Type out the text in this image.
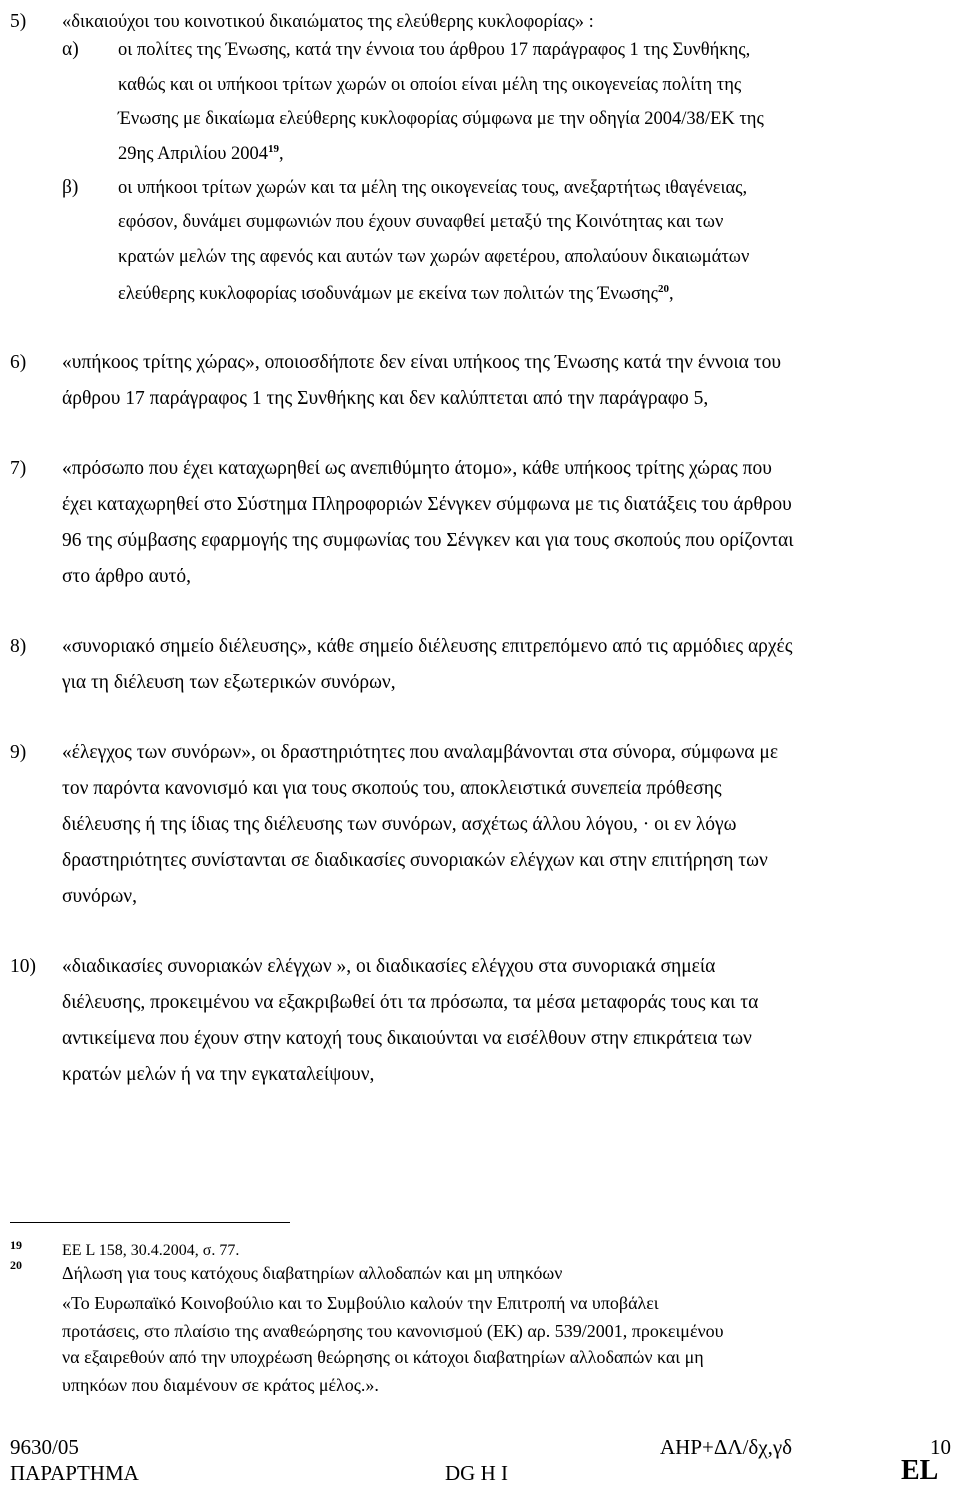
5) «δικαιούχοι του κοινοτικού δικαιώματος της ελεύθερης κυκλοφορίας» :
α) οι πολίτες της Ένωσης, κατά την έννοια του άρθρου 17 παράγραφος 1 της Συνθήκης,
καθώς και οι υπήκοοι τρίτων χωρών οι οποίοι είναι μέλη της οικογενείας πολίτη της
Ένωσης με δικαίωμα ελεύθερης κυκλοφορίας σύμφωνα με την οδηγία 2004/38/ΕΚ της
29ης Απριλίου 2004$^{19}$,
β) οι υπήκοοι τρίτων χωρών και τα μέλη της οικογενείας τους, ανεξαρτήτως ιθαγένειας,
εφόσον, δυνάμει συμφωνιών που έχουν συναφθεί μεταξύ της Κοινότητας και των
κρατών μελών της αφενός και αυτών των χωρών αφετέρου, απολαύουν δικαιωμάτων
ελεύθερης κυκλοφορίας ισοδυνάμων με εκείνα των πολιτών της Ένωσης$^{20}$,
6) «υπήκοος τρίτης χώρας», οποιοσδήποτε δεν είναι υπήκοος της Ένωσης κατά την έννοια του
άρθρου 17 παράγραφος 1 της Συνθήκης και δεν καλύπτεται από την παράγραφο 5,
7) «πρόσωπο που έχει καταχωρηθεί ως ανεπιθύμητο άτομο», κάθε υπήκοος τρίτης χώρας που
έχει καταχωρηθεί στο Σύστημα Πληροφοριών Σένγκεν σύμφωνα με τις διατάξεις του άρθρου
96 της σύμβασης εφαρμογής της συμφωνίας του Σένγκεν και για τους σκοπούς που ορίζονται
στο άρθρο αυτό,
8) «συνοριακό σημείο διέλευσης», κάθε σημείο διέλευσης επιτρεπόμενο από τις αρμόδιες αρχές
για τη διέλευση των εξωτερικών συνόρων,
9) «έλεγχος των συνόρων», οι δραστηριότητες που αναλαμβάνονται στα σύνορα, σύμφωνα με
τον παρόντα κανονισμό και για τους σκοπούς του, αποκλειστικά συνεπεία πρόθεσης
διέλευσης ή της ίδιας της διέλευσης των συνόρων, ασχέτως άλλου λόγου, · οι εν λόγω
δραστηριότητες συνίστανται σε διαδικασίες συνοριακών ελέγχων και στην επιτήρηση των
συνόρων,
10) «διαδικασίες συνοριακών ελέγχων », οι διαδικασίες ελέγχου στα συνοριακά σημεία
διέλευσης, προκειμένου να εξακριβωθεί ότι τα πρόσωπα, τα μέσα μεταφοράς τους και τα
αντικείμενα που έχουν στην κατοχή τους δικαιούνται να εισέλθουν στην επικράτεια των
κρατών μελών ή να την εγκαταλείψουν,
19	ΕΕ L 158, 30.4.2004, σ. 77.
20 Δήλωση για τους κατόχους διαβατηρίων αλλοδαπών και μη υπηκόων
«Το Ευρωπαϊκό Κοινοβούλιο και το Συμβούλιο καλούν την Επιτροπή να υποβάλει
προτάσεις, στο πλαίσιο της αναθεώρησης του κανονισμού (ΕΚ) αρ. 539/2001, προκειμένου
να εξαιρεθούν από την υποχρέωση θεώρησης οι κάτοχοι διαβατηρίων αλλοδαπών και μη
υπηκόων που διαμένουν σε κράτος μέλος.».
9630/05	ΑΗΡ+ΔΛ/δχ,γδ	10
ΠΑΡΑΡΤΗΜΑ	DG H I	EL
